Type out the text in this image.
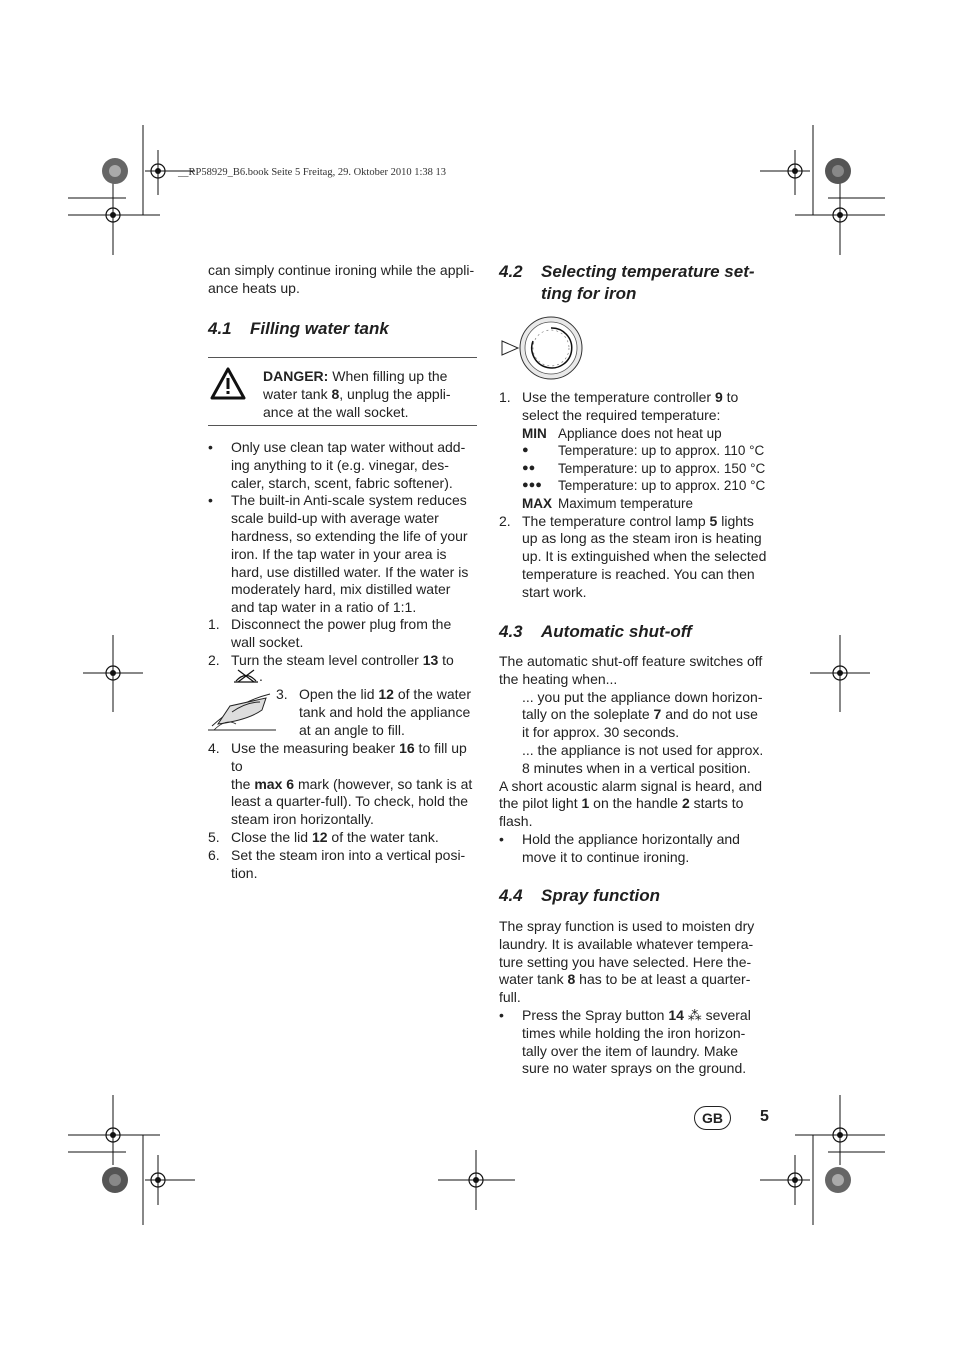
__RP58929_B6.book Seite 5 Freitag, 29. Oktober 2010 1:38 13
can simply continue ironing while the appli-
ance heats up.
4.1 Filling water tank
DANGER: When filling up the
water tank 8, unplug the appli-
ance at the wall socket.
•	Only use clean tap water without add-
ing anything to it (e.g. vinegar, des-
caler, starch, scent, fabric softener).
•	The built-in Anti-scale system reduces
scale build-up with average water
hardness, so extending the life of your
iron. If the tap water in your area is
hard, use distilled water. If the water is
moderately hard, mix distilled water
and tap water in a ratio of 1:1.
1. Disconnect the power plug from the
wall socket.
2. Turn the steam level controller 13 to
.
3. Open the lid 12 of the water
tank and hold the appliance
at an angle to fill.
4. Use the measuring beaker 16 to fill up to
the max 6 mark (however, so tank is at
least a quarter-full). To check, hold the
steam iron horizontally.
5. Close the lid 12 of the water tank.
6. Set the steam iron into a vertical posi-
tion.
4.2 Selecting temperature set-
ting for iron
1. Use the temperature controller 9 to
select the required temperature:
MIN Appliance does not heat up
●	Temperature: up to approx. 110 °C
●●	Temperature: up to approx. 150 °C
●●●	Temperature: up to approx. 210 °C
MAX Maximum temperature
2. The temperature control lamp 5 lights
up as long as the steam iron is heating
up. It is extinguished when the selected
temperature is reached. You can then
start work.
4.3 Automatic shut-off
The automatic shut-off feature switches off
the heating when...
... you put the appliance down horizon-
tally on the soleplate 7 and do not use
it for approx. 30 seconds.
... the appliance is not used for approx.
8 minutes when in a vertical position.
A short acoustic alarm signal is heard, and
the pilot light 1 on the handle 2 starts to
flash.
•	Hold the appliance horizontally and
move it to continue ironing.
4.4 Spray function
The spray function is used to moisten dry
laundry. It is available whatever tempera-
ture setting you have selected. Here the-
water tank 8 has to be at least a quarter-
full.
•	Press the Spray button 14 ⁂ several
times while holding the iron horizon-
tally over the item of laundry. Make
sure no water sprays on the ground.
GB	5
